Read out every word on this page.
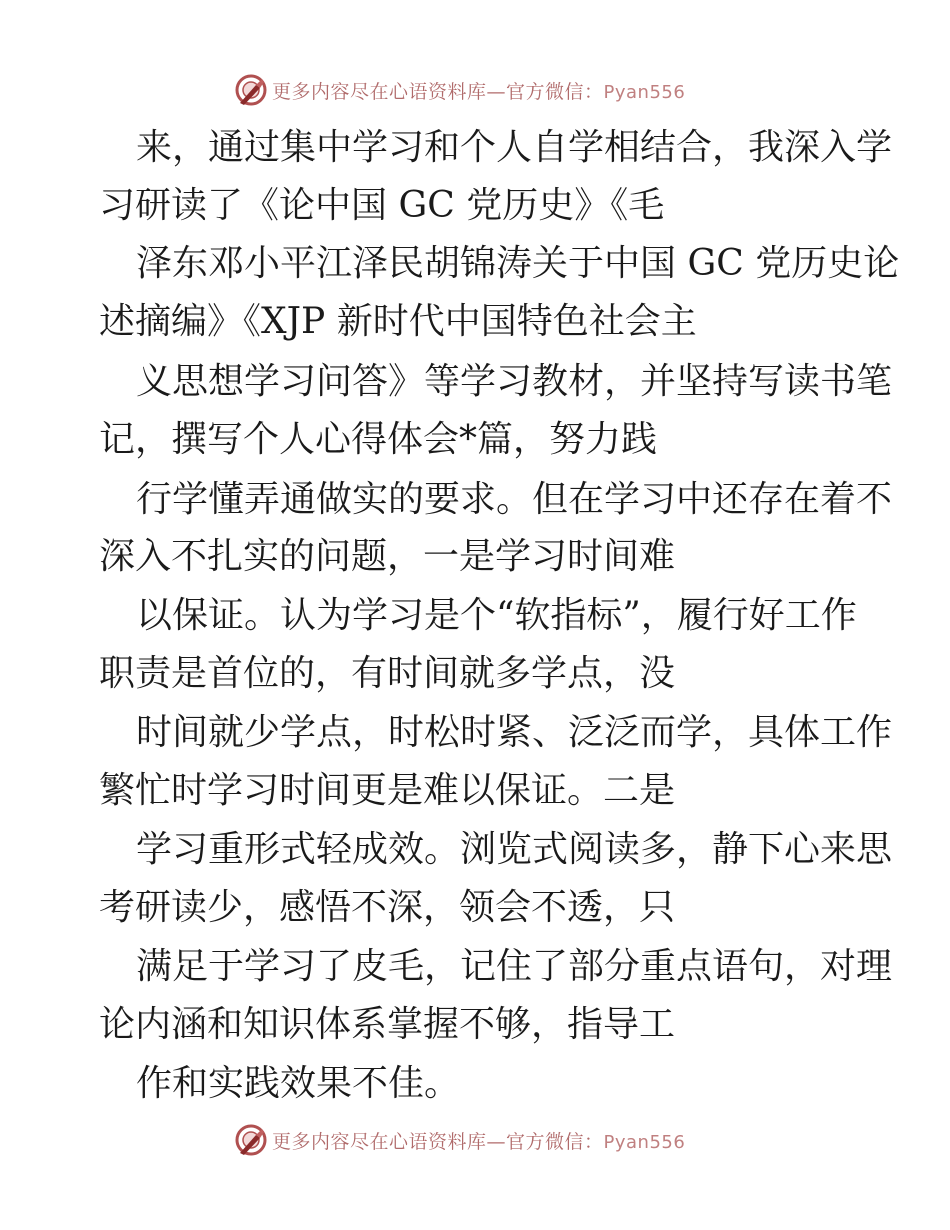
更多内容尽在心语资料库—官方微信：Pyan556
来，通过集中学习和个人自学相结合，我深入学
习研读了《论中国 GC 党历史》《毛
泽东邓小平江泽民胡锦涛关于中国 GC 党历史论
述摘编》《XJP 新时代中国特色社会主
义思想学习问答》等学习教材，并坚持写读书笔
记，撰写个人心得体会*篇，努力践
行学懂弄通做实的要求。但在学习中还存在着不
深入不扎实的问题，一是学习时间难
以保证。认为学习是个“软指标”，履行好工作
职责是首位的，有时间就多学点，没
时间就少学点，时松时紧、泛泛而学，具体工作
繁忙时学习时间更是难以保证。二是
学习重形式轻成效。浏览式阅读多，静下心来思
考研读少，感悟不深，领会不透，只
满足于学习了皮毛，记住了部分重点语句，对理
论内涵和知识体系掌握不够，指导工
作和实践效果不佳。
更多内容尽在心语资料库—官方微信：Pyan556
